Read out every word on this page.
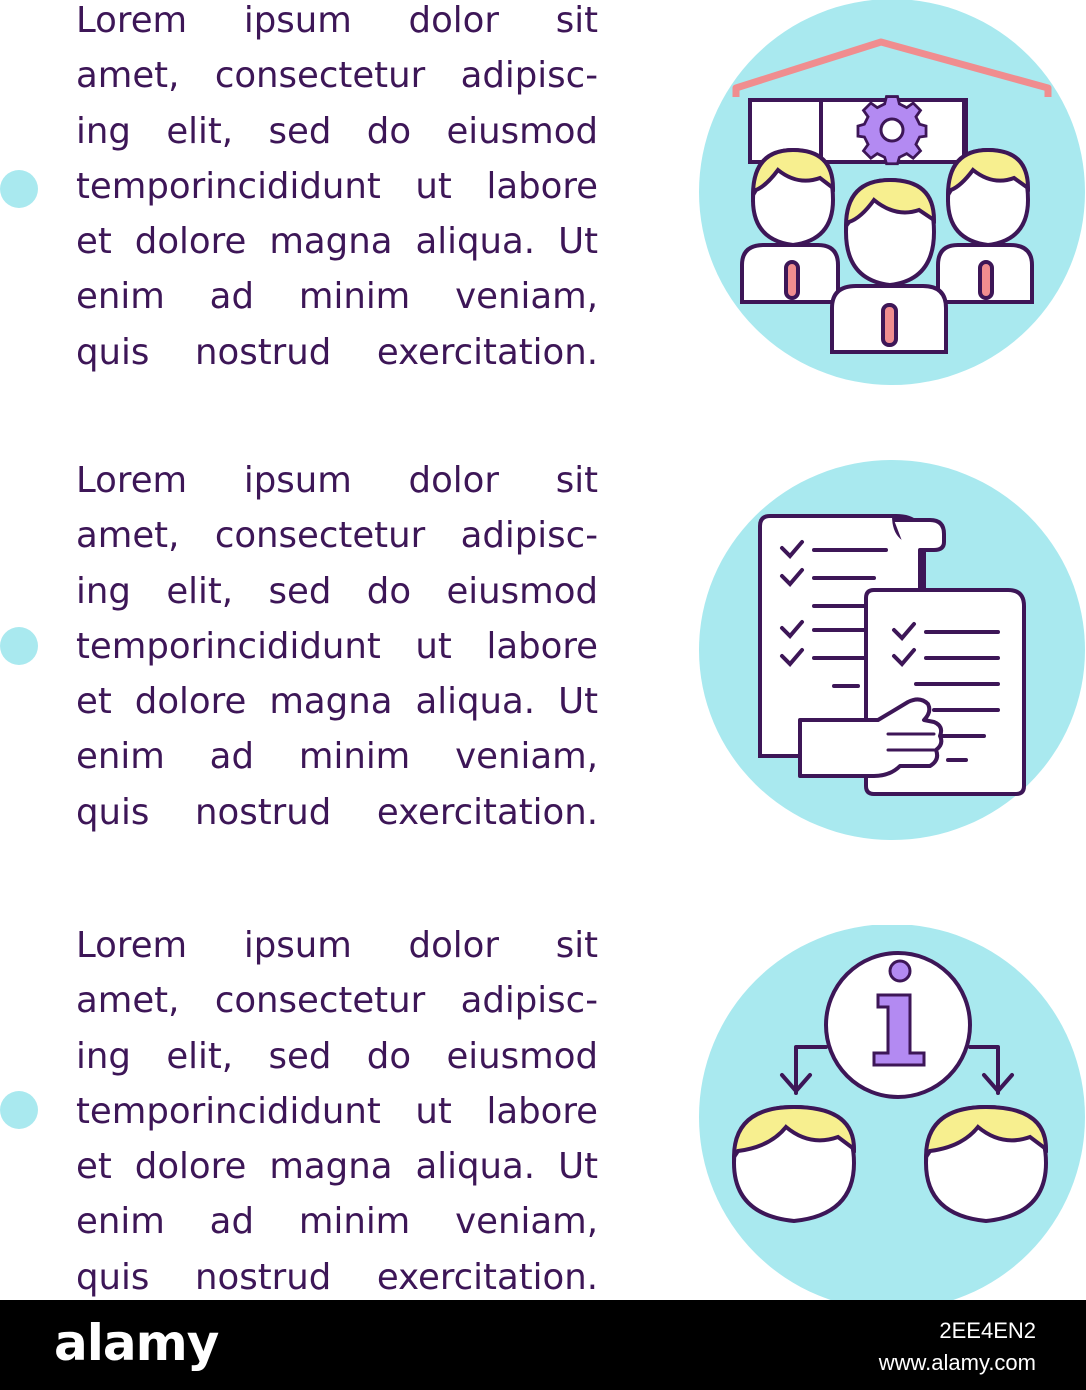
Lorem ipsum dolor sit
amet, consectetur adipisc-
ing elit, sed do eiusmod
temporincididunt ut labore
et dolore magna aliqua. Ut
enim ad minim veniam,
quis nostrud exercitation.

Lorem ipsum dolor sit
amet, consectetur adipisc-
ing elit, sed do eiusmod
temporincididunt ut labore
et dolore magna aliqua. Ut
enim ad minim veniam,
quis nostrud exercitation.

Lorem ipsum dolor sit
amet, consectetur adipisc-
ing elit, sed do eiusmod
temporincididunt ut labore
et dolore magna aliqua. Ut
enim ad minim veniam,
quis nostrud exercitation.

alamy	2EE4EN2
www.alamy.com
